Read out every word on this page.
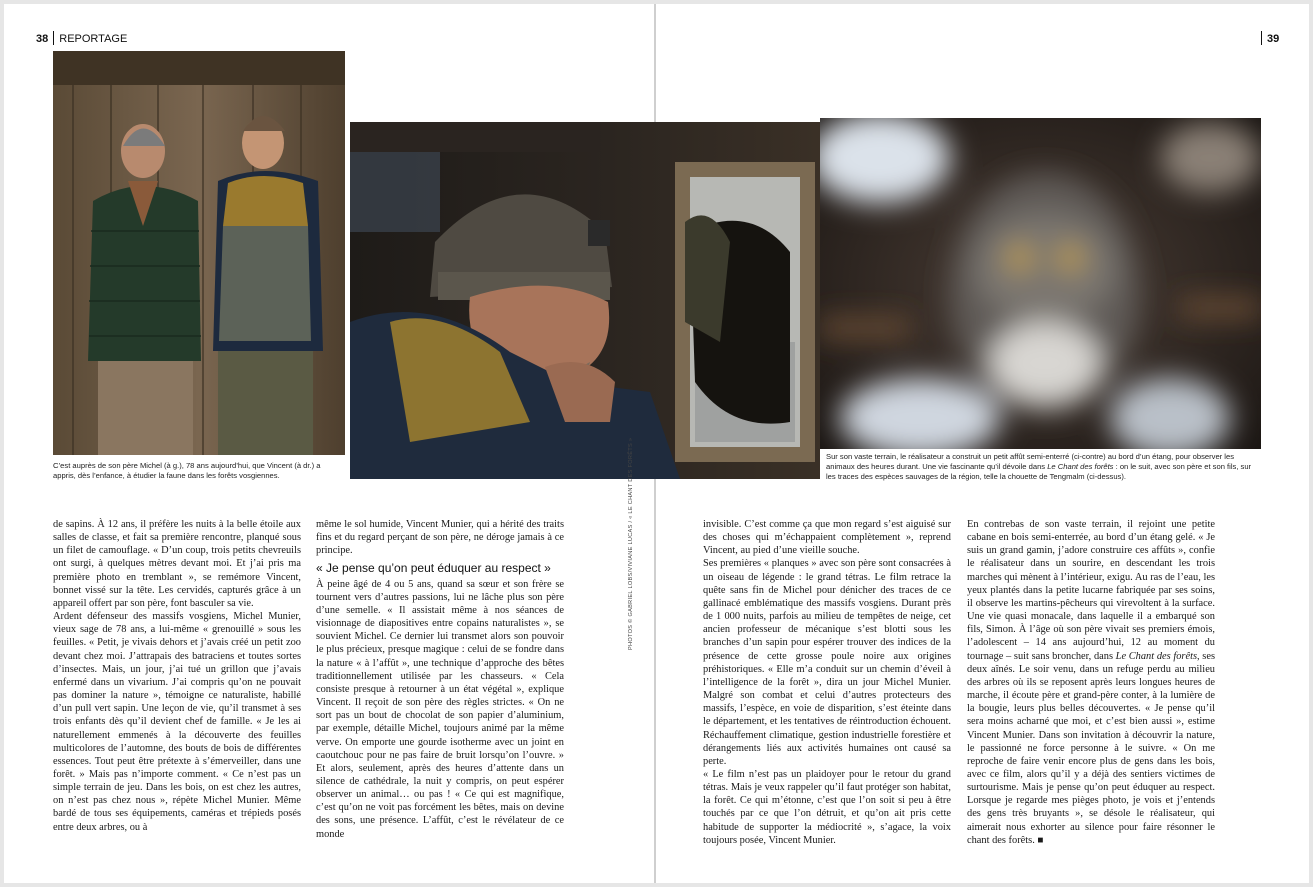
38 REPORTAGE	39
C’est auprès de son père Michel (à g.), 78 ans aujourd’hui, que Vincent (à dr.) a appris, dès l’enfance, à étudier la faune dans les forêts vosgiennes.
Sur son vaste terrain, le réalisateur a construit un petit affût semi-enterré (ci-contre) au bord d’un étang, pour observer les animaux des heures durant. Une vie fascinante qu’il dévoile dans Le Chant des forêts : on le suit, avec son père et son fils, sur les traces des espèces sauvages de la région, telle la chouette de Tengmalm (ci-dessus).
PHOTOS © GABRIEL LOBS/VIVIANE LUCAS / « LE CHANT DES FORÊTS »

de sapins. À 12 ans, il préfère les nuits à la belle étoile aux salles de classe, et fait sa première rencontre, planqué sous un filet de camouflage. « D’un coup, trois petits chevreuils ont surgi, à quelques mètres devant moi. Et j’ai pris ma première photo en tremblant », se remémore Vincent, bonnet vissé sur la tête. Les cervidés, capturés grâce à un appareil offert par son père, font basculer sa vie.

Ardent défenseur des massifs vosgiens, Michel Munier, vieux sage de 78 ans, a lui-même « grenouillé » sous les feuilles. « Petit, je vivais dehors et j’avais créé un petit zoo devant chez moi. J’attrapais des batraciens et toutes sortes d’insectes. Mais, un jour, j’ai tué un grillon que j’avais enfermé dans un vivarium. J’ai compris qu’on ne pouvait pas dominer la nature », témoigne ce naturaliste, habillé d’un pull vert sapin. Une leçon de vie, qu’il transmet à ses trois enfants dès qu’il devient chef de famille. « Je les ai naturellement emmenés à la découverte des feuilles multicolores de l’automne, des bouts de bois de différentes essences. Tout peut être prétexte à s’émerveiller, dans une forêt. » Mais pas n’importe comment. « Ce n’est pas un simple terrain de jeu. Dans les bois, on est chez les autres, on n’est pas chez nous », répète Michel Munier. Même bardé de tous ses équipements, caméras et trépieds posés entre deux arbres, ou à

même le sol humide, Vincent Munier, qui a hérité des traits fins et du regard perçant de son père, ne déroge jamais à ce principe.

« Je pense qu’on peut éduquer au respect »

À peine âgé de 4 ou 5 ans, quand sa sœur et son frère se tournent vers d’autres passions, lui ne lâche plus son père d’une semelle. « Il assistait même à nos séances de visionnage de diapositives entre copains naturalistes », se souvient Michel. Ce dernier lui transmet alors son pouvoir le plus précieux, presque magique : celui de se fondre dans la nature « à l’affût », une technique d’approche des bêtes traditionnellement utilisée par les chasseurs. « Cela consiste presque à retourner à un état végétal », explique Vincent. Il reçoit de son père des règles strictes. « On ne sort pas un bout de chocolat de son papier d’aluminium, par exemple, détaille Michel, toujours animé par la même verve. On emporte une gourde isotherme avec un joint en caoutchouc pour ne pas faire de bruit lorsqu’on l’ouvre. » Et alors, seulement, après des heures d’attente dans un silence de cathédrale, la nuit y compris, on peut espérer observer un animal… ou pas ! « Ce qui est magnifique, c’est qu’on ne voit pas forcément les bêtes, mais on devine des sons, une présence. L’affût, c’est le révélateur de ce monde

invisible. C’est comme ça que mon regard s’est aiguisé sur des choses qui m’échappaient complètement », reprend Vincent, au pied d’une vieille souche.

Ses premières « planques » avec son père sont consacrées à un oiseau de légende : le grand tétras. Le film retrace la quête sans fin de Michel pour dénicher des traces de ce gallinacé emblématique des massifs vosgiens. Durant près de 1 000 nuits, parfois au milieu de tempêtes de neige, cet ancien professeur de mécanique s’est blotti sous les branches d’un sapin pour espérer trouver des indices de la présence de cette grosse poule noire aux origines préhistoriques. « Elle m’a conduit sur un chemin d’éveil à l’intelligence de la forêt », dira un jour Michel Munier. Malgré son combat et celui d’autres protecteurs des massifs, l’espèce, en voie de disparition, s’est éteinte dans le département, et les tentatives de réintroduction échouent. Réchauffement climatique, gestion industrielle forestière et dérangements liés aux activités humaines ont causé sa perte.

« Le film n’est pas un plaidoyer pour le retour du grand tétras. Mais je veux rappeler qu’il faut protéger son habitat, la forêt. Ce qui m’étonne, c’est que l’on soit si peu à être touchés par ce que l’on détruit, et qu’on ait pris cette habitude de supporter la médiocrité », s’agace, la voix toujours posée, Vincent Munier.

En contrebas de son vaste terrain, il rejoint une petite cabane en bois semi-enterrée, au bord d’un étang gelé. « Je suis un grand gamin, j’adore construire ces affûts », confie le réalisateur dans un sourire, en descendant les trois marches qui mènent à l’intérieur, exigu. Au ras de l’eau, les yeux plantés dans la petite lucarne fabriquée par ses soins, il observe les martins-pêcheurs qui virevoltent à la surface. Une vie quasi monacale, dans laquelle il a embarqué son fils, Simon. À l’âge où son père vivait ses premiers émois, l’adolescent – 14 ans aujourd’hui, 12 au moment du tournage – suit sans broncher, dans Le Chant des forêts, ses deux aînés. Le soir venu, dans un refuge perdu au milieu des arbres où ils se reposent après leurs longues heures de marche, il écoute père et grand-père conter, à la lumière de la bougie, leurs plus belles découvertes. « Je pense qu’il sera moins acharné que moi, et c’est bien aussi », estime Vincent Munier. Dans son invitation à découvrir la nature, le passionné ne force personne à le suivre. « On me reproche de faire venir encore plus de gens dans les bois, avec ce film, alors qu’il y a déjà des sentiers victimes de surtourisme. Mais je pense qu’on peut éduquer au respect. Lorsque je regarde mes pièges photo, je vois et j’entends des gens très bruyants », se désole le réalisateur, qui aimerait nous exhorter au silence pour faire résonner le chant des forêts. ■
